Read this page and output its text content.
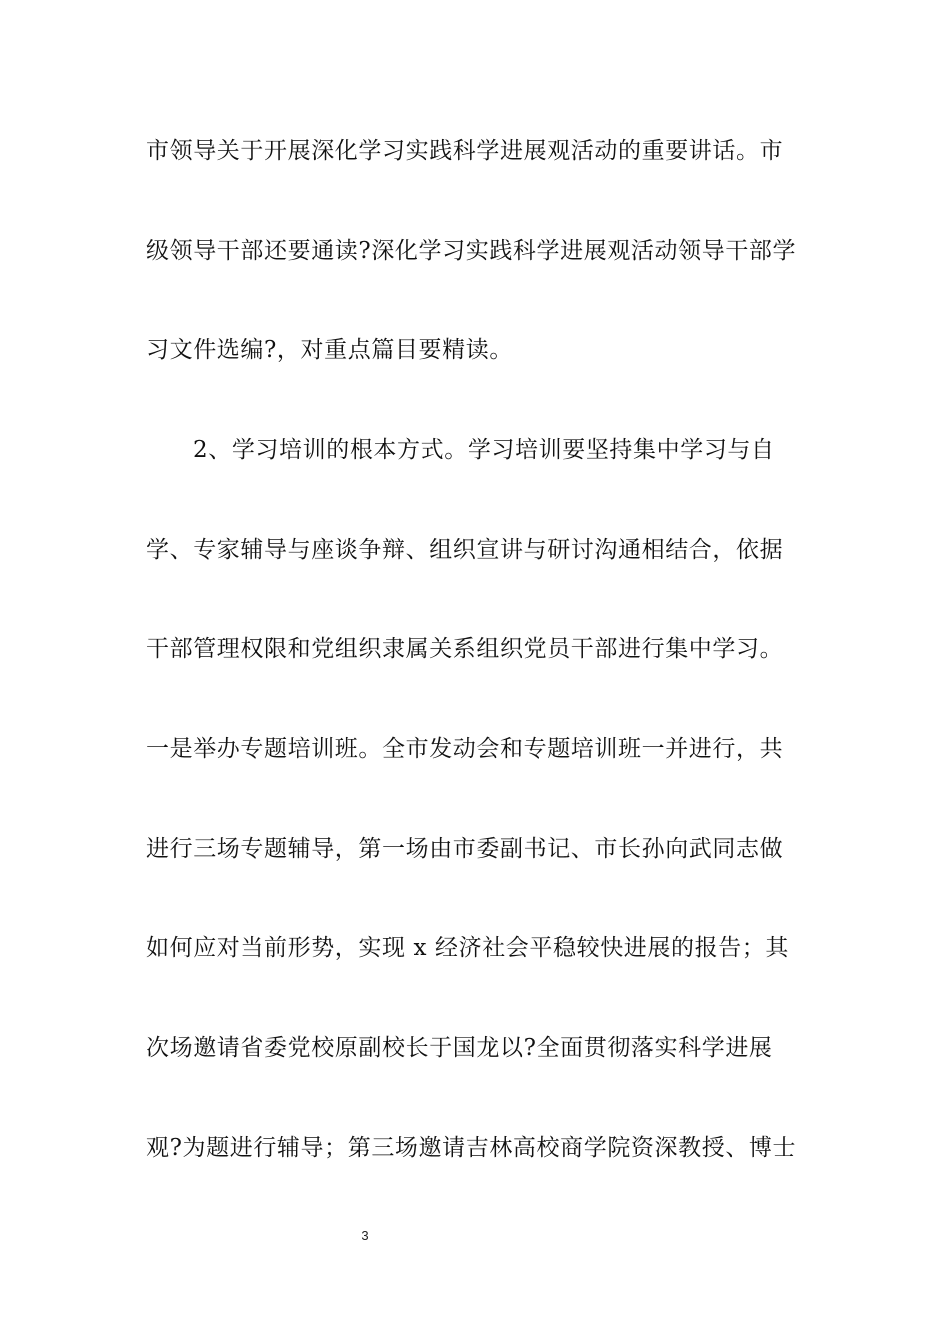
市领导关于开展深化学习实践科学进展观活动的重要讲话。市
级领导干部还要通读?深化学习实践科学进展观活动领导干部学
习文件选编?，对重点篇目要精读。
2、学习培训的根本方式。学习培训要坚持集中学习与自
学、专家辅导与座谈争辩、组织宣讲与研讨沟通相结合，依据
干部管理权限和党组织隶属关系组织党员干部进行集中学习。
一是举办专题培训班。全市发动会和专题培训班一并进行，共
进行三场专题辅导，第一场由市委副书记、市长孙向武同志做
如何应对当前形势，实现 x 经济社会平稳较快进展的报告；其
次场邀请省委党校原副校长于国龙以?全面贯彻落实科学进展
观?为题进行辅导；第三场邀请吉林高校商学院资深教授、博士
3
